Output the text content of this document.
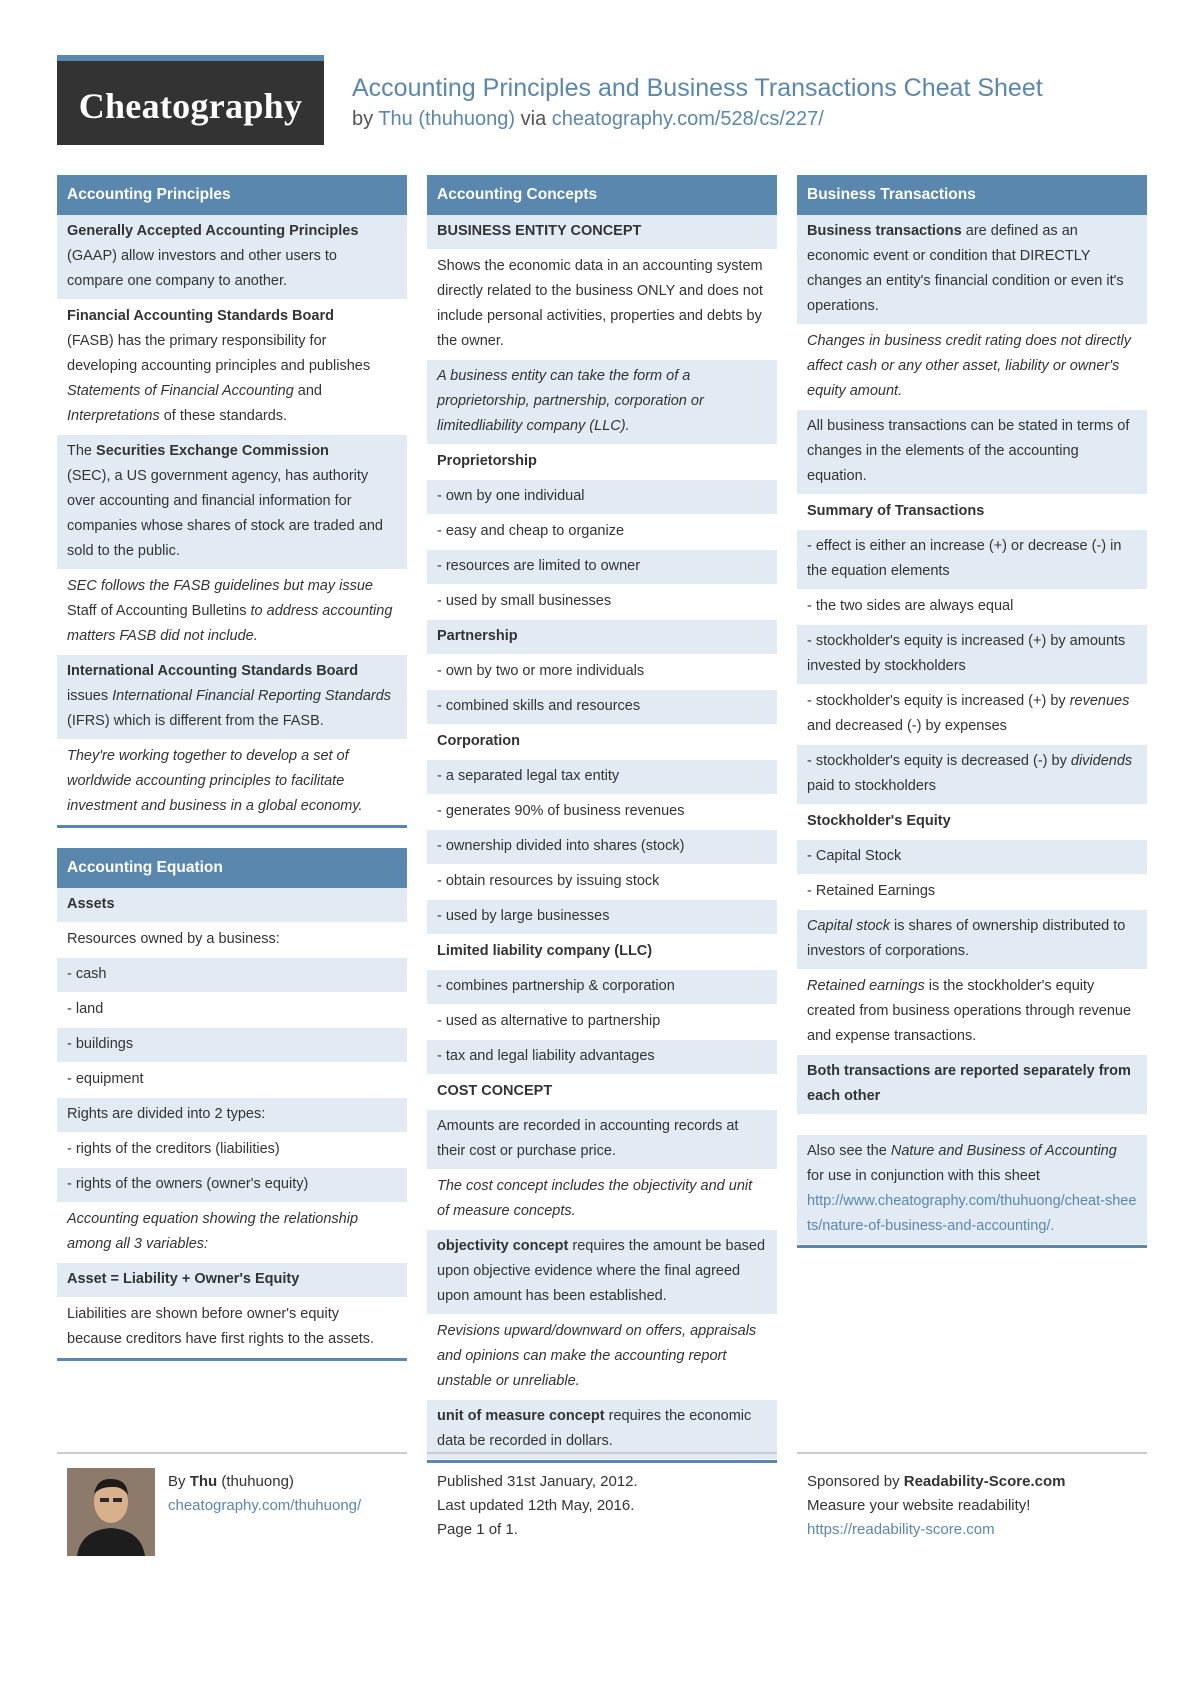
Cheatography	Accounting Principles and Business Transactions Cheat Sheet
by Thu (thuhuong) via cheatography.com/528/cs/227/
Accounting Principles
Generally Accepted Accounting Principles
(GAAP) allow investors and other users to compare one company to another.
Financial Accounting Standards Board
(FASB) has the primary responsibility for developing accounting principles and publishes Statements of Financial Accounting and Interpretations of these standards.
The Securities Exchange Commission
(SEC), a US government agency, has authority over accounting and financial information for companies whose shares of stock are traded and sold to the public.
SEC follows the FASB guidelines but may issue Staff of Accounting Bulletins to address accounting matters FASB did not include.
International Accounting Standards Board
issues International Financial Reporting Standards (IFRS) which is different from the FASB.
They're working together to develop a set of worldwide accounting principles to facilitate investment and business in a global economy.
Accounting Equation
Assets
Resources owned by a business:
- cash
- land
- buildings
- equipment
Rights are divided into 2 types:
- rights of the creditors (liabilities)
- rights of the owners (owner's equity)
Accounting equation showing the relationship among all 3 variables:
Asset = Liability + Owner's Equity
Liabilities are shown before owner's equity because creditors have first rights to the assets.
Accounting Concepts
BUSINESS ENTITY CONCEPT
Shows the economic data in an accounting system directly related to the business ONLY and does not include personal activities, properties and debts by the owner.
A business entity can take the form of a proprietorship, partnership, corporation or limitedliability company (LLC).
Proprietorship
- own by one individual
- easy and cheap to organize
- resources are limited to owner
- used by small businesses
Partnership
- own by two or more individuals
- combined skills and resources
Corporation
- a separated legal tax entity
- generates 90% of business revenues
- ownership divided into shares (stock)
- obtain resources by issuing stock
- used by large businesses
Limited liability company (LLC)
- combines partnership & corporation
- used as alternative to partnership
- tax and legal liability advantages
COST CONCEPT
Amounts are recorded in accounting records at their cost or purchase price.
The cost concept includes the objectivity and unit of measure concepts.
objectivity concept requires the amount be based upon objective evidence where the final agreed upon amount has been established.
Revisions upward/downward on offers, appraisals and opinions can make the accounting report unstable or unreliable.
unit of measure concept requires the economic data be recorded in dollars.
Business Transactions
Business transactions are defined as an economic event or condition that DIRECTLY changes an entity's financial condition or even it's operations.
Changes in business credit rating does not directly affect cash or any other asset, liability or owner's equity amount.
All business transactions can be stated in terms of changes in the elements of the accounting equation.
Summary of Transactions
- effect is either an increase (+) or decrease (-) in the equation elements
- the two sides are always equal
- stockholder's equity is increased (+) by amounts invested by stockholders
- stockholder's equity is increased (+) by revenues and decreased (-) by expenses
- stockholder's equity is decreased (-) by dividends paid to stockholders
Stockholder's Equity
- Capital Stock
- Retained Earnings
Capital stock is shares of ownership distributed to investors of corporations.
Retained earnings is the stockholder's equity created from business operations through revenue and expense transactions.
Both transactions are reported separately from each other
Also see the Nature and Business of Accounting for use in conjunction with this sheet
http://www.cheatography.com/thuhuong/cheat-sheets/nature-of-business-and-accounting/.
By Thu (thuhuong)
cheatography.com/thuhuong/
Published 31st January, 2012.
Last updated 12th May, 2016.
Page 1 of 1.
Sponsored by Readability-Score.com
Measure your website readability!
https://readability-score.com
